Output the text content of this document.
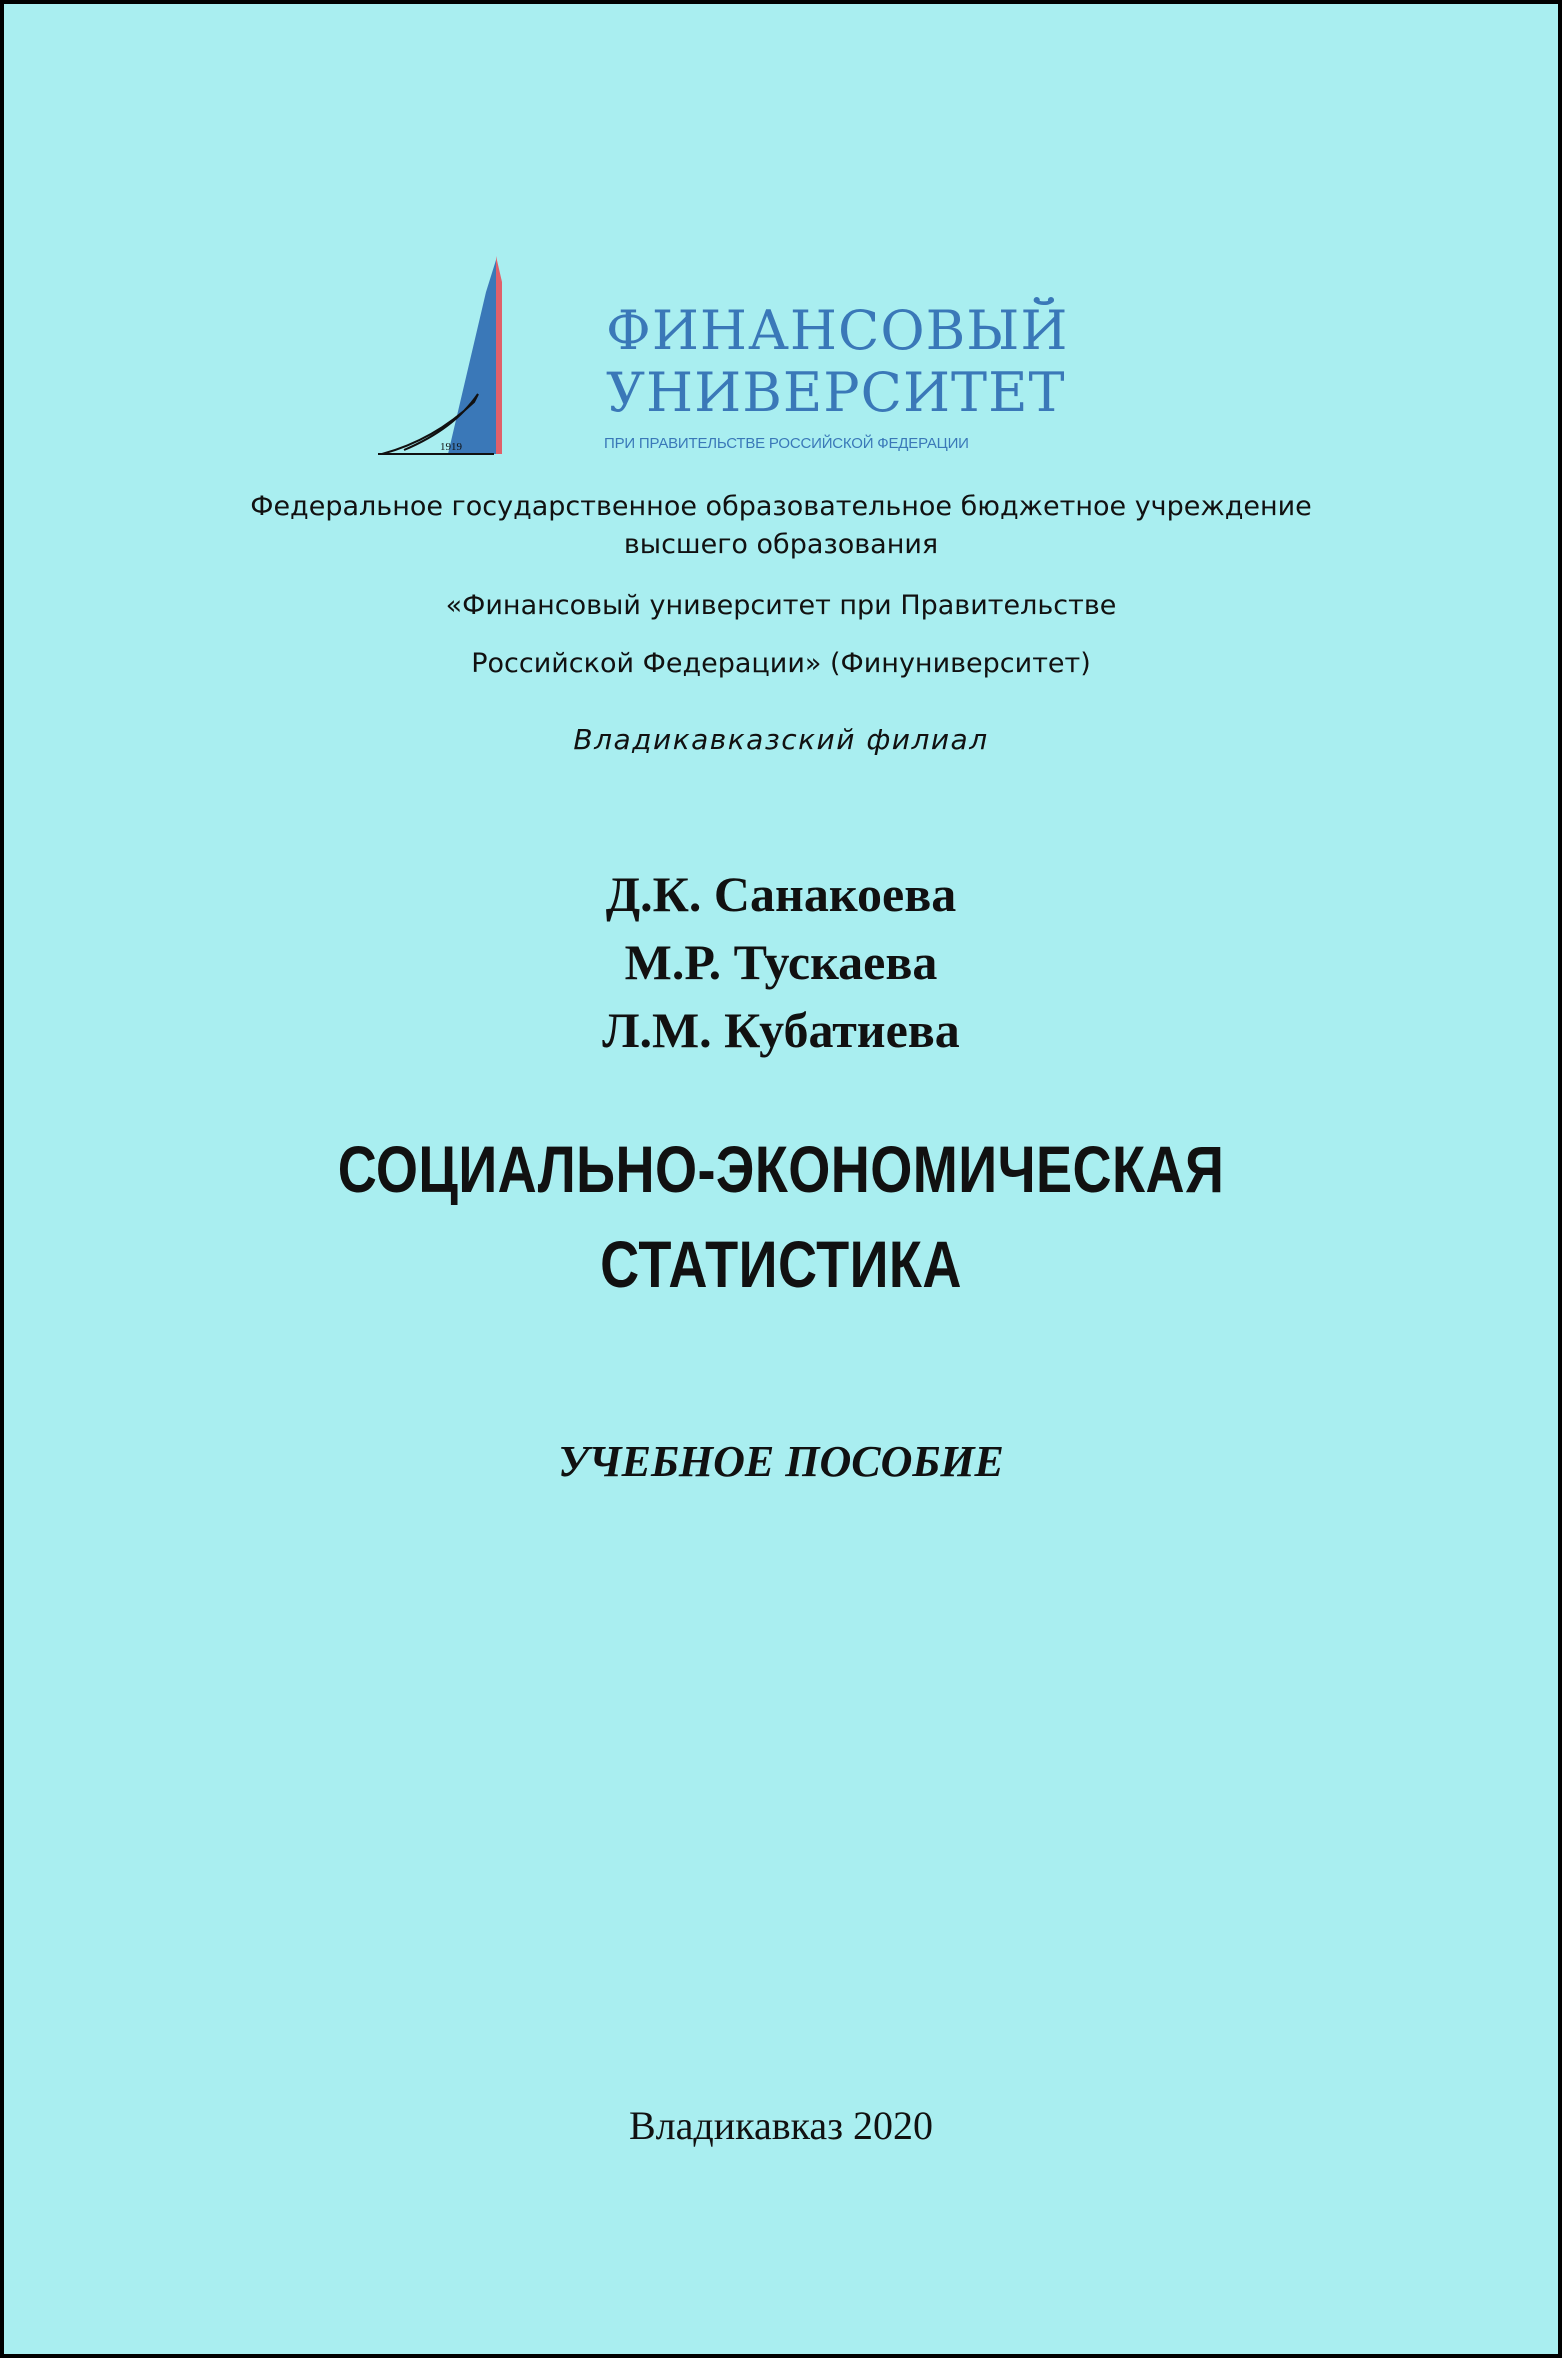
1919
ФИНАНСОВЫЙ
УНИВЕРСИТЕТ
ПРИ ПРАВИТЕЛЬСТВЕ РОССИЙСКОЙ ФЕДЕРАЦИИ
Федеральное государственное образовательное бюджетное учреждение
высшего образования
«Финансовый университет при Правительстве
Российской Федерации» (Финуниверситет)
Владикавказский филиал
Д.К. Санакоева
М.Р. Тускаева
Л.М. Кубатиева
СОЦИАЛЬНО-ЭКОНОМИЧЕСКАЯ
СТАТИСТИКА
УЧЕБНОЕ ПОСОБИЕ
Владикавказ 2020
